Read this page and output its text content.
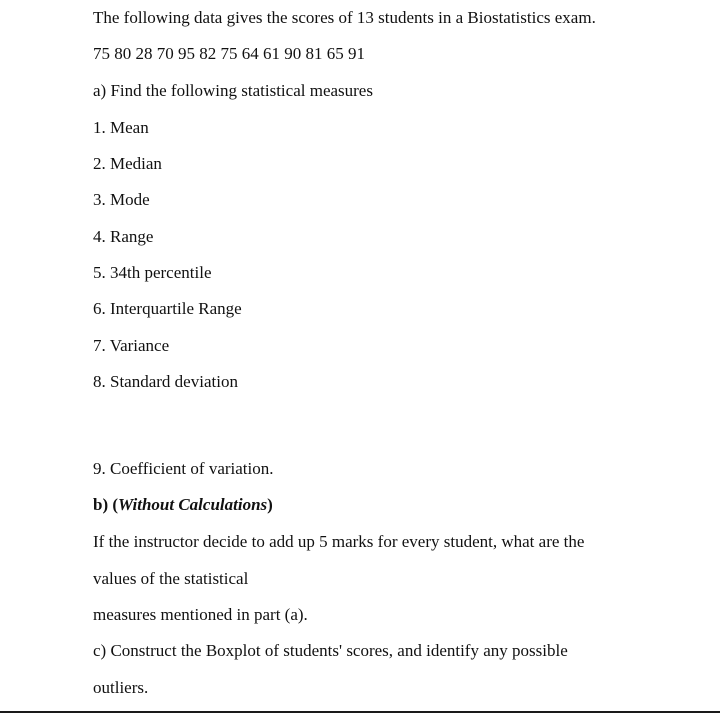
The following data gives the scores of 13 students in a Biostatistics exam.
75 80 28 70 95 82 75 64 61 90 81 65 91
a) Find the following statistical measures
1. Mean
2. Median
3. Mode
4. Range
5. 34th percentile
6. Interquartile Range
7. Variance
8. Standard deviation
9. Coefficient of variation.
b) (Without Calculations)
If the instructor decide to add up 5 marks for every student, what are the
values of the statistical
measures mentioned in part (a).
c) Construct the Boxplot of students' scores, and identify any possible
outliers.
